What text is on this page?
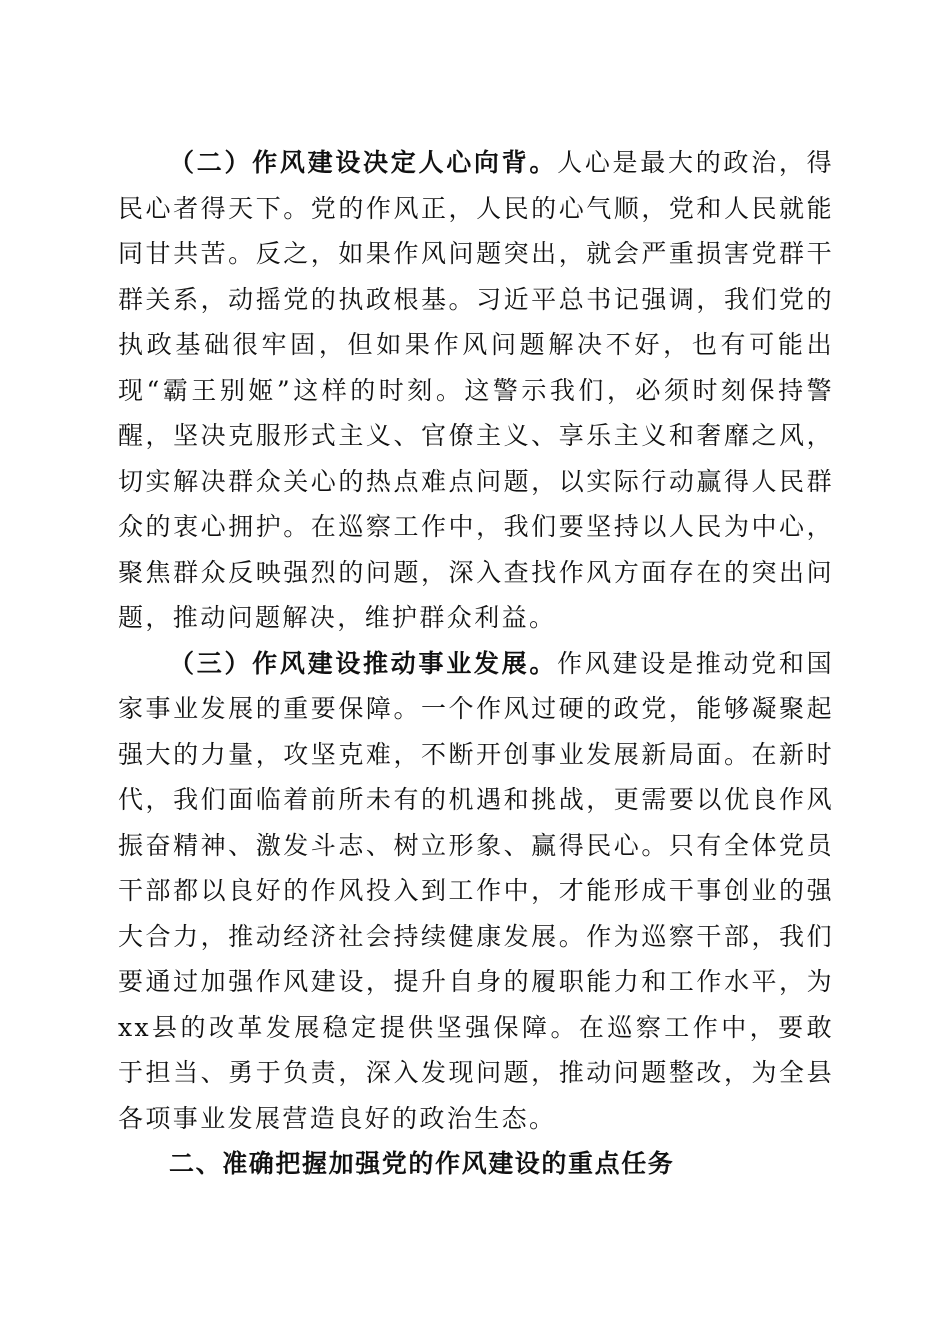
（二）作风建设决定人心向背。人心是最大的政治，得民心者得天下。党的作风正，人民的心气顺，党和人民就能同甘共苦。反之，如果作风问题突出，就会严重损害党群干群关系，动摇党的执政根基。习近平总书记强调，我们党的执政基础很牢固，但如果作风问题解决不好，也有可能出现“霸王别姬”这样的时刻。这警示我们，必须时刻保持警醒，坚决克服形式主义、官僚主义、享乐主义和奢靡之风，切实解决群众关心的热点难点问题，以实际行动赢得人民群众的衷心拥护。在巡察工作中，我们要坚持以人民为中心，聚焦群众反映强烈的问题，深入查找作风方面存在的突出问题，推动问题解决，维护群众利益。

（三）作风建设推动事业发展。作风建设是推动党和国家事业发展的重要保障。一个作风过硬的政党，能够凝聚起强大的力量，攻坚克难，不断开创事业发展新局面。在新时代，我们面临着前所未有的机遇和挑战，更需要以优良作风振奋精神、激发斗志、树立形象、赢得民心。只有全体党员干部都以良好的作风投入到工作中，才能形成干事创业的强大合力，推动经济社会持续健康发展。作为巡察干部，我们要通过加强作风建设，提升自身的履职能力和工作水平，为xx县的改革发展稳定提供坚强保障。在巡察工作中，要敢于担当、勇于负责，深入发现问题，推动问题整改，为全县各项事业发展营造良好的政治生态。

二、准确把握加强党的作风建设的重点任务
